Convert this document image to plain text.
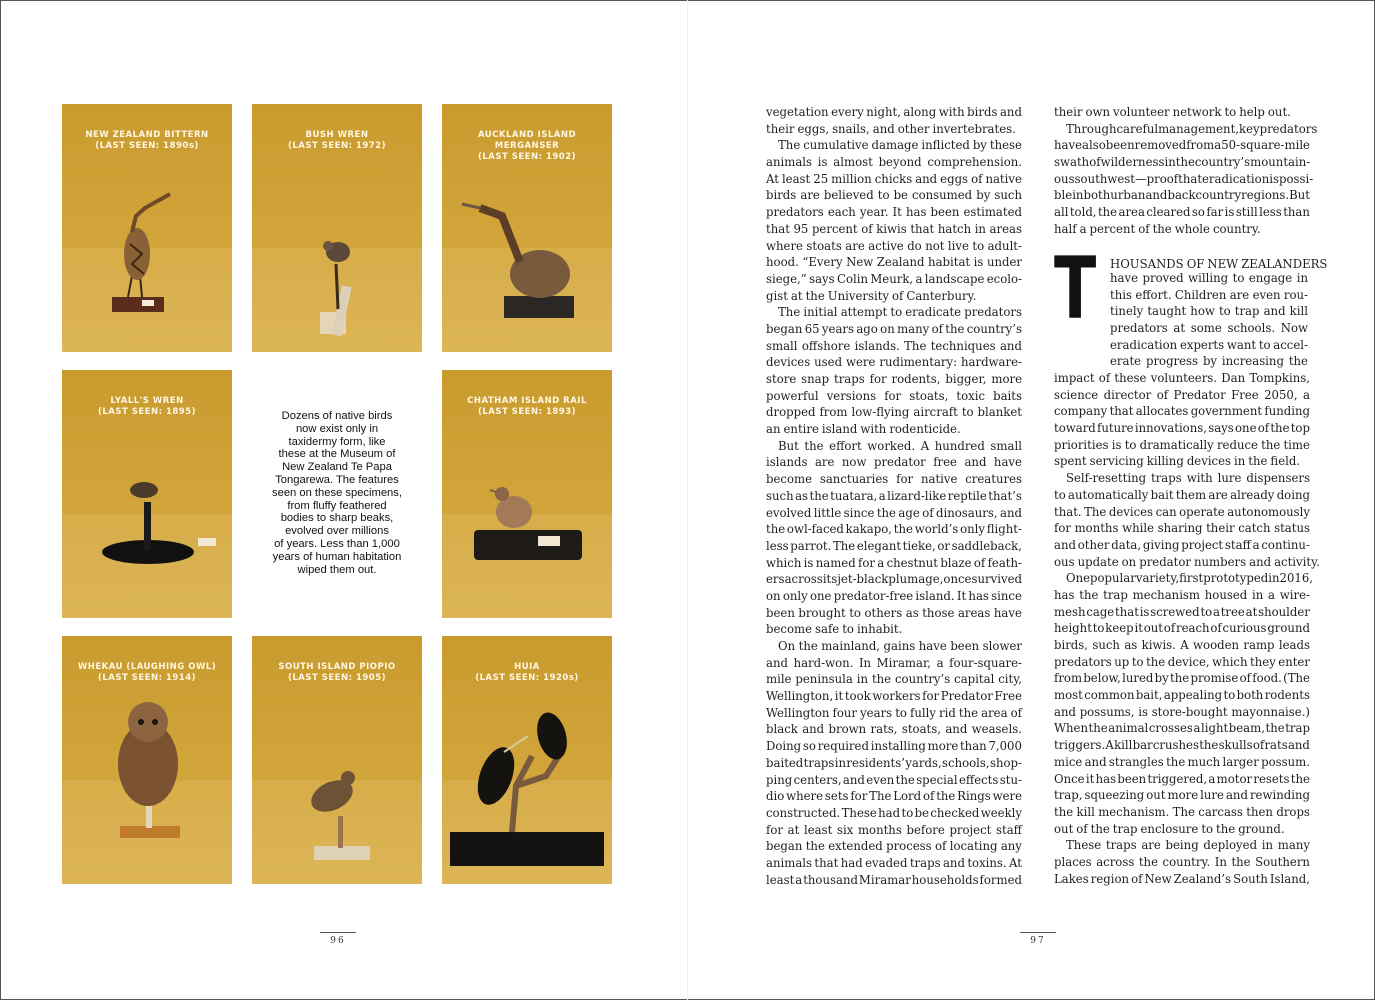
NEW ZEALAND BITTERN
(LAST SEEN: 1890s)
BUSH WREN
(LAST SEEN: 1972)
AUCKLAND ISLAND
MERGANSER
(LAST SEEN: 1902)
LYALL'S WREN
(LAST SEEN: 1895)	Dozens of native birds
now exist only in
taxidermy form, like
these at the Museum of
New Zealand Te Papa
Tongarewa. The features
seen on these specimens,
from fluffy feathered
bodies to sharp beaks,
evolved over millions
of years. Less than 1,000
years of human habitation
wiped them out.
CHATHAM ISLAND RAIL
(LAST SEEN: 1893)
WHEKAU (LAUGHING OWL)
(LAST SEEN: 1914)
SOUTH ISLAND PIOPIO
(LAST SEEN: 1905)
HUIA
(LAST SEEN: 1920s)
vegetation every night, along with birds and
their eggs, snails, and other invertebrates.
The cumulative damage inflicted by these
animals is almost beyond comprehension.
At least 25 million chicks and eggs of native
birds are believed to be consumed by such
predators each year. It has been estimated
that 95 percent of kiwis that hatch in areas
where stoats are active do not live to adult-
hood. “Every New Zealand habitat is under
siege,” says Colin Meurk, a landscape ecolo-
gist at the University of Canterbury.
The initial attempt to eradicate predators
began 65 years ago on many of the country’s
small offshore islands. The techniques and
devices used were rudimentary: hardware-
store snap traps for rodents, bigger, more
powerful versions for stoats, toxic baits
dropped from low-flying aircraft to blanket
an entire island with rodenticide.
But the effort worked. A hundred small
islands are now predator free and have
become sanctuaries for native creatures
such as the tuatara, a lizard-like reptile that’s
evolved little since the age of dinosaurs, and
the owl-faced kakapo, the world’s only flight-
less parrot. The elegant tieke, or saddleback,
which is named for a chestnut blaze of feath-
ers across its jet-black plumage, once survived
on only one predator-free island. It has since
been brought to others as those areas have
become safe to inhabit.
On the mainland, gains have been slower
and hard-won. In Miramar, a four-square-
mile peninsula in the country’s capital city,
Wellington, it took workers for Predator Free
Wellington four years to fully rid the area of
black and brown rats, stoats, and weasels.
Doing so required installing more than 7,000
baited traps in residents’ yards, schools, shop-
ping centers, and even the special effects stu-
dio where sets for The Lord of the Rings were
constructed. These had to be checked weekly
for at least six months before project staff
began the extended process of locating any
animals that had evaded traps and toxins. At
least a thousand Miramar households formed
their own volunteer network to help out.
Through careful management, key predators
have also been removed from a 50-square-mile
swath of wilderness in the country’s mountain-
ous southwest—proof that eradication is possi-
ble in both urban and backcountry regions. But
all told, the area cleared so far is still less than
half a percent of the whole country.
T HOUSANDS OF NEW ZEALANDERS
have proved willing to engage in
this effort. Children are even rou-
tinely taught how to trap and kill
predators at some schools. Now
eradication experts want to accel-
erate progress by increasing the
impact of these volunteers. Dan Tompkins,
science director of Predator Free 2050, a
company that allocates government funding
toward future innovations, says one of the top
priorities is to dramatically reduce the time
spent servicing killing devices in the field.
Self-resetting traps with lure dispensers
to automatically bait them are already doing
that. The devices can operate autonomously
for months while sharing their catch status
and other data, giving project staff a continu-
ous update on predator numbers and activity.
One popular variety, first prototyped in 2016,
has the trap mechanism housed in a wire-
mesh cage that is screwed to a tree at shoulder
height to keep it out of reach of curious ground
birds, such as kiwis. A wooden ramp leads
predators up to the device, which they enter
from below, lured by the promise of food. (The
most common bait, appealing to both rodents
and possums, is store-bought mayonnaise.)
When the animal crosses a light beam, the trap
triggers. A kill bar crushes the skulls of rats and
mice and strangles the much larger possum.
Once it has been triggered, a motor resets the
trap, squeezing out more lure and rewinding
the kill mechanism. The carcass then drops
out of the trap enclosure to the ground.
These traps are being deployed in many
places across the country. In the Southern
Lakes region of New Zealand’s South Island,
96	97
